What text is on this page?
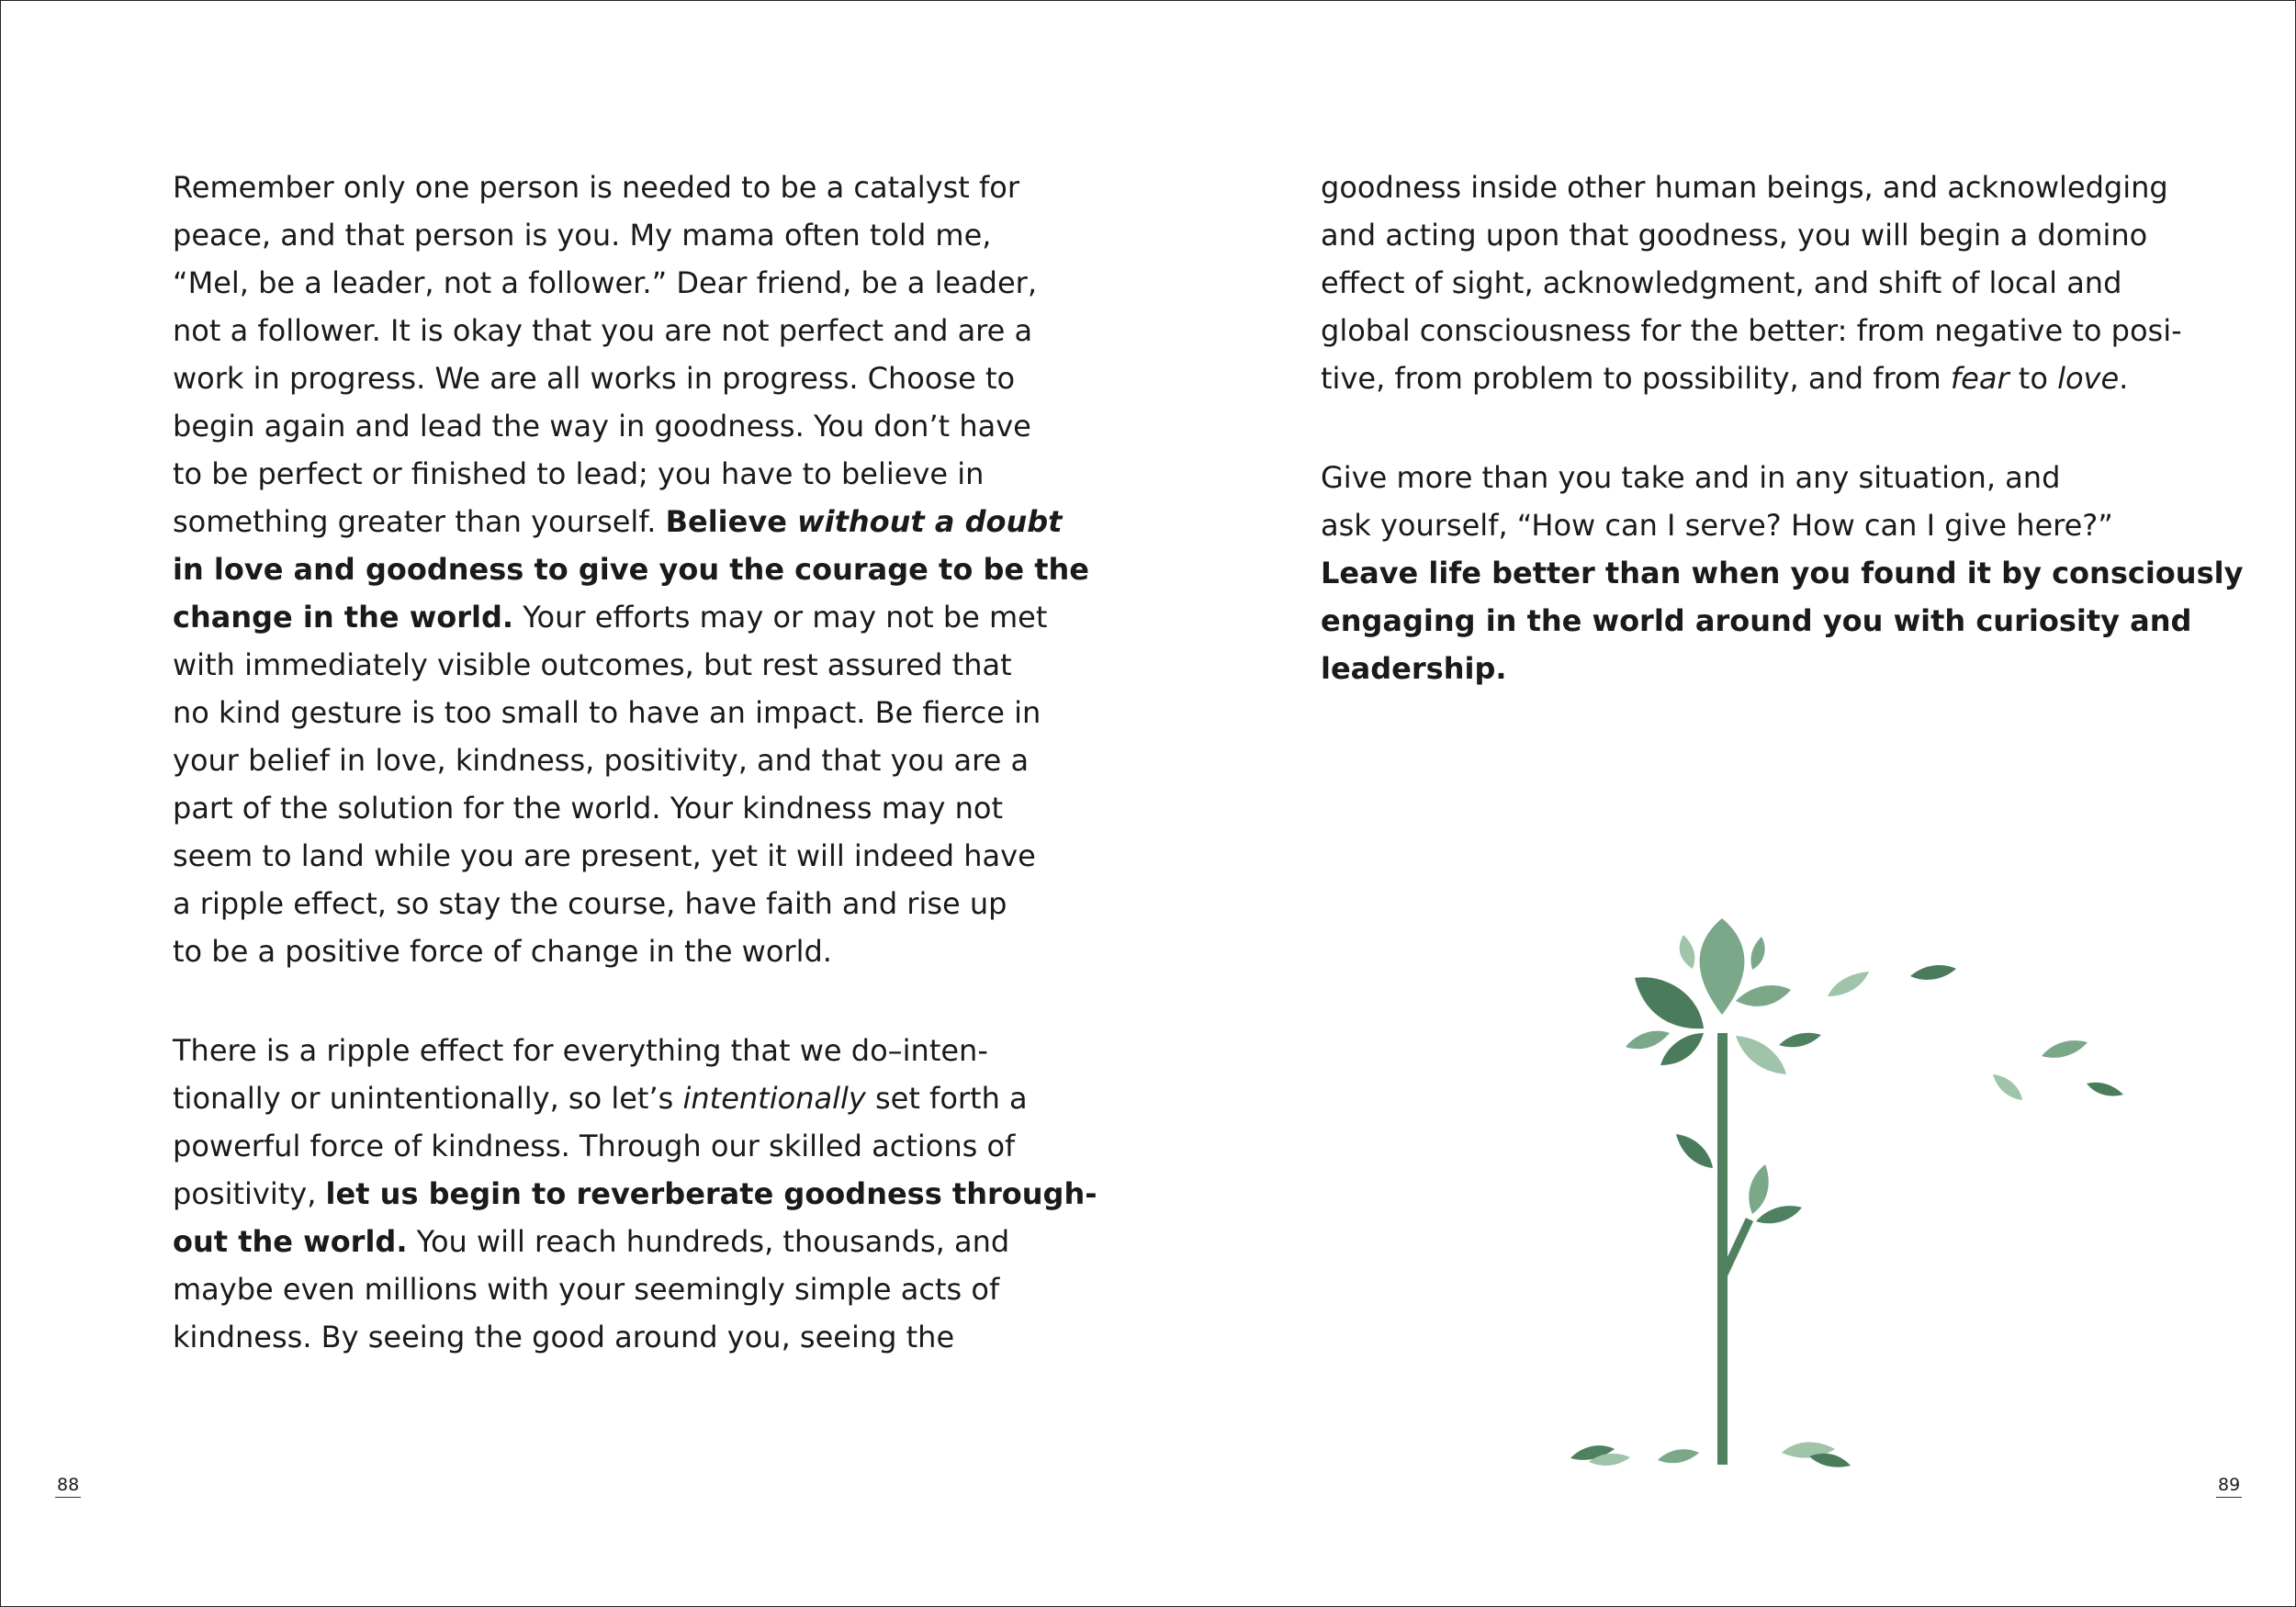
Remember only one person is needed to be a catalyst for
peace, and that person is you. My mama often told me,
“Mel, be a leader, not a follower.” Dear friend, be a leader,
not a follower. It is okay that you are not perfect and are a
work in progress. We are all works in progress. Choose to
begin again and lead the way in goodness. You don’t have
to be perfect or finished to lead; you have to believe in
something greater than yourself. Believe without a doubt
in love and goodness to give you the courage to be the
change in the world. Your efforts may or may not be met
with immediately visible outcomes, but rest assured that
no kind gesture is too small to have an impact. Be fierce in
your belief in love, kindness, positivity, and that you are a
part of the solution for the world. Your kindness may not
seem to land while you are present, yet it will indeed have
a ripple effect, so stay the course, have faith and rise up
to be a positive force of change in the world.

There is a ripple effect for everything that we do–inten-
tionally or unintentionally, so let’s intentionally set forth a
powerful force of kindness. Through our skilled actions of
positivity, let us begin to reverberate goodness through-
out the world. You will reach hundreds, thousands, and
maybe even millions with your seemingly simple acts of
kindness. By seeing the good around you, seeing the

88

goodness inside other human beings, and acknowledging
and acting upon that goodness, you will begin a domino
effect of sight, acknowledgment, and shift of local and
global consciousness for the better: from negative to posi-
tive, from problem to possibility, and from fear to love.

Give more than you take and in any situation, and
ask yourself, “How can I serve? How can I give here?”
Leave life better than when you found it by consciously
engaging in the world around you with curiosity and
leadership.

89
